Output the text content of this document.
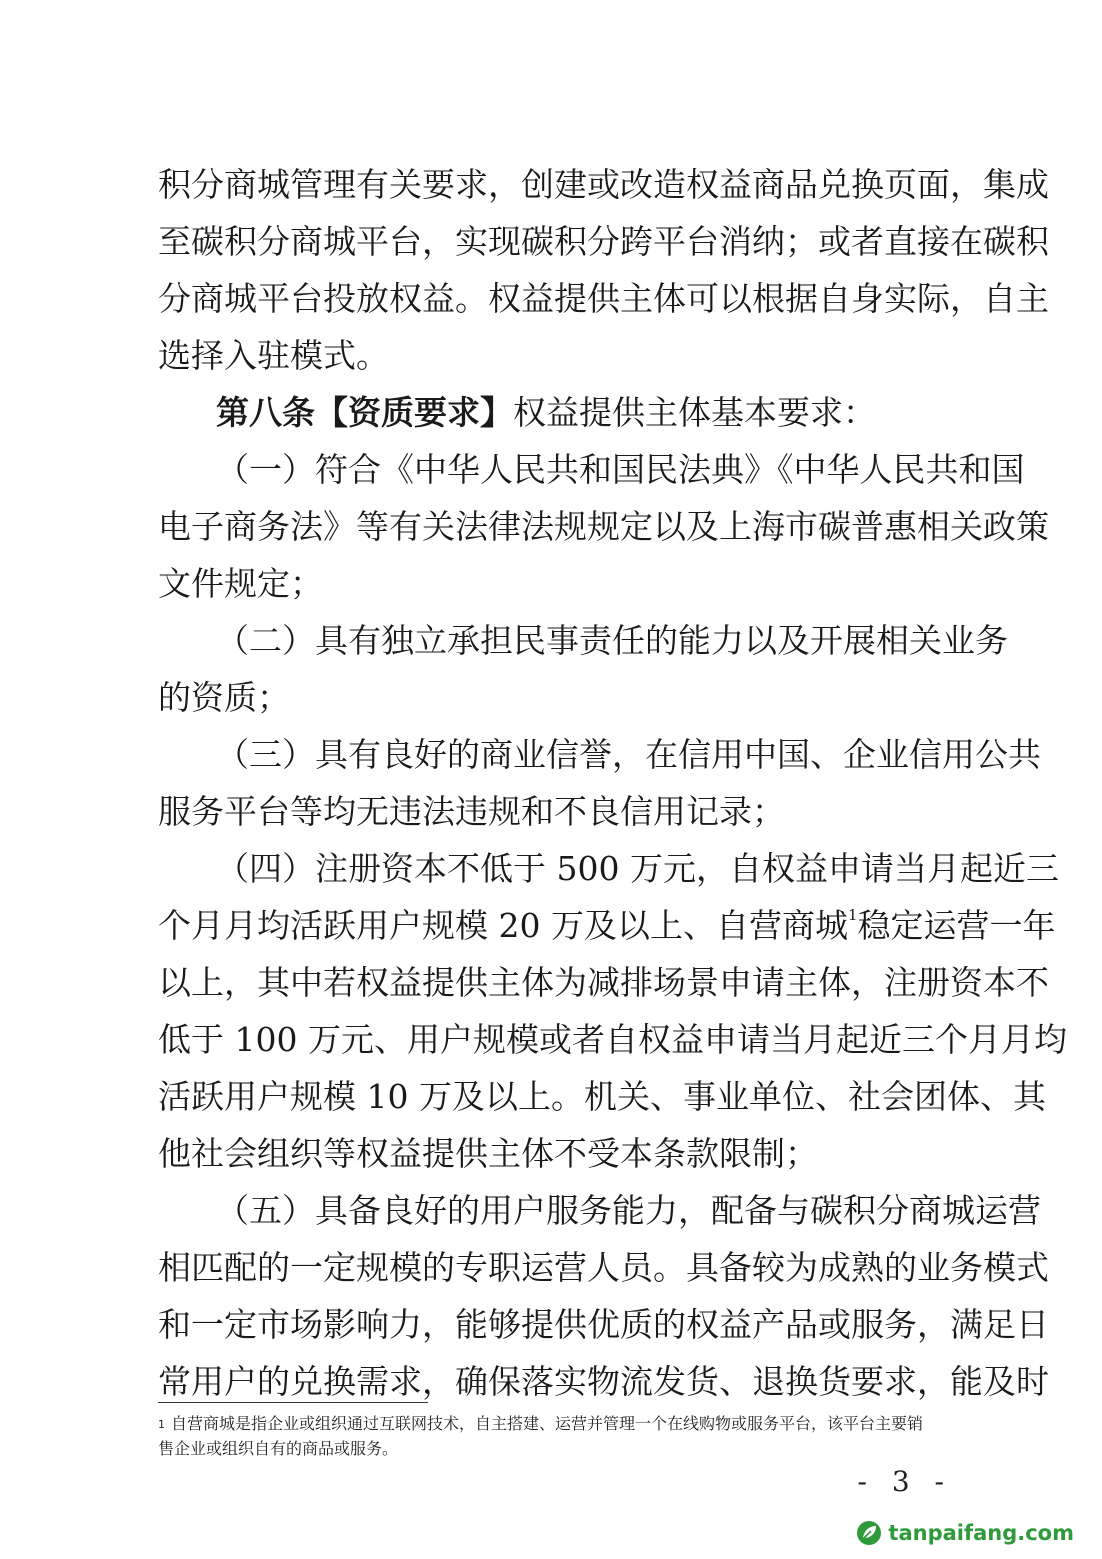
积分商城管理有关要求，创建或改造权益商品兑换页面，集成
至碳积分商城平台，实现碳积分跨平台消纳；或者直接在碳积
分商城平台投放权益。权益提供主体可以根据自身实际，自主
选择入驻模式。
第八条【资质要求】权益提供主体基本要求：
（一）符合《中华人民共和国民法典》《中华人民共和国
电子商务法》等有关法律法规规定以及上海市碳普惠相关政策
文件规定；
（二）具有独立承担民事责任的能力以及开展相关业务
的资质；
（三）具有良好的商业信誉，在信用中国、企业信用公共
服务平台等均无违法违规和不良信用记录；
（四）注册资本不低于 500 万元，自权益申请当月起近三
个月月均活跃用户规模 20 万及以上、自营商城$^1$稳定运营一年
以上，其中若权益提供主体为减排场景申请主体，注册资本不
低于 100 万元、用户规模或者自权益申请当月起近三个月月均
活跃用户规模 10 万及以上。机关、事业单位、社会团体、其
他社会组织等权益提供主体不受本条款限制；
（五）具备良好的用户服务能力，配备与碳积分商城运营
相匹配的一定规模的专职运营人员。具备较为成熟的业务模式
和一定市场影响力，能够提供优质的权益产品或服务，满足日
常用户的兑换需求，确保落实物流发货、退换货要求，能及时
$^1$ 自营商城是指企业或组织通过互联网技术，自主搭建、运营并管理一个在线购物或服务平台，该平台主要销
售企业或组织自有的商品或服务。
- 3 -
tanpaifang.com
